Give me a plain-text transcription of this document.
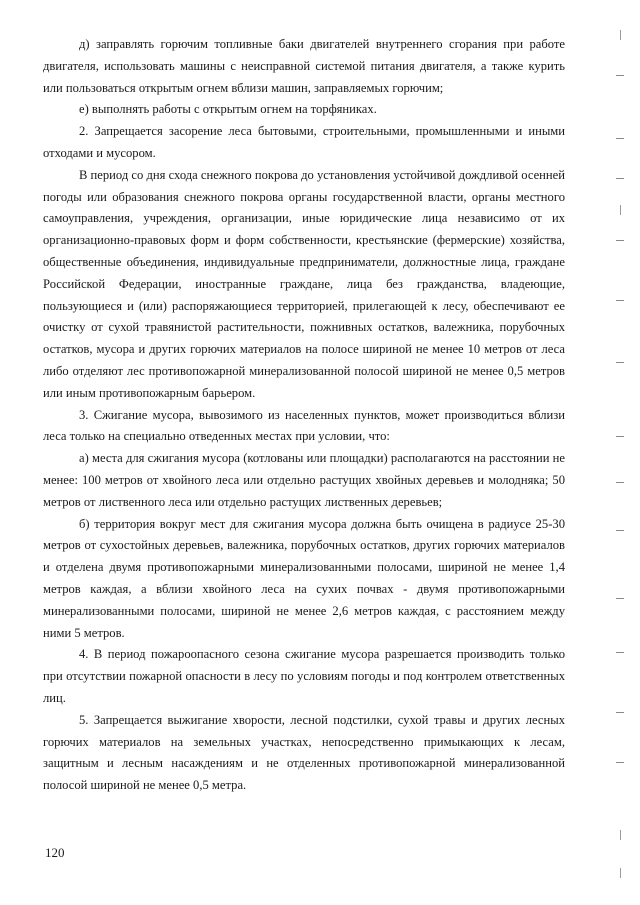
д) заправлять горючим топливные баки двигателей внутреннего сгорания при работе двигателя, использовать машины с неисправной системой питания двигателя, а также курить или пользоваться открытым огнем вблизи машин, заправляемых горючим;

е) выполнять работы с открытым огнем на торфяниках.

2. Запрещается засорение леса бытовыми, строительными, промышленными и иными отходами и мусором.

В период со дня схода снежного покрова до установления устойчивой дождливой осенней погоды или образования снежного покрова органы государственной власти, органы местного самоуправления, учреждения, организации, иные юридические лица независимо от их организационно-правовых форм и форм собственности, крестьянские (фермерские) хозяйства, общественные объединения, индивидуальные предприниматели, должностные лица, граждане Российской Федерации, иностранные граждане, лица без гражданства, владеющие, пользующиеся и (или) распоряжающиеся территорией, прилегающей к лесу, обеспечивают ее очистку от сухой травянистой растительности, пожнивных остатков, валежника, порубочных остатков, мусора и других горючих материалов на полосе шириной не менее 10 метров от леса либо отделяют лес противопожарной минерализованной полосой шириной не менее 0,5 метров или иным противопожарным барьером.

3. Сжигание мусора, вывозимого из населенных пунктов, может производиться вблизи леса только на специально отведенных местах при условии, что:

а) места для сжигания мусора (котлованы или площадки) располагаются на расстоянии не менее: 100 метров от хвойного леса или отдельно растущих хвойных деревьев и молодняка; 50 метров от лиственного леса или отдельно растущих лиственных деревьев;

б) территория вокруг мест для сжигания мусора должна быть очищена в радиусе 25-30 метров от сухостойных деревьев, валежника, порубочных остатков, других горючих материалов и отделена двумя противопожарными минерализованными полосами, шириной не менее 1,4 метров каждая, а вблизи хвойного леса на сухих почвах - двумя противопожарными минерализованными полосами, шириной не менее 2,6 метров каждая, с расстоянием между ними 5 метров.

4. В период пожароопасного сезона сжигание мусора разрешается производить только при отсутствии пожарной опасности в лесу по условиям погоды и под контролем ответственных лиц.

5. Запрещается выжигание хворости, лесной подстилки, сухой травы и других лесных горючих материалов на земельных участках, непосредственно примыкающих к лесам, защитным и лесным насаждениям и не отделенных противопожарной минерализованной полосой шириной не менее 0,5 метра.

120
